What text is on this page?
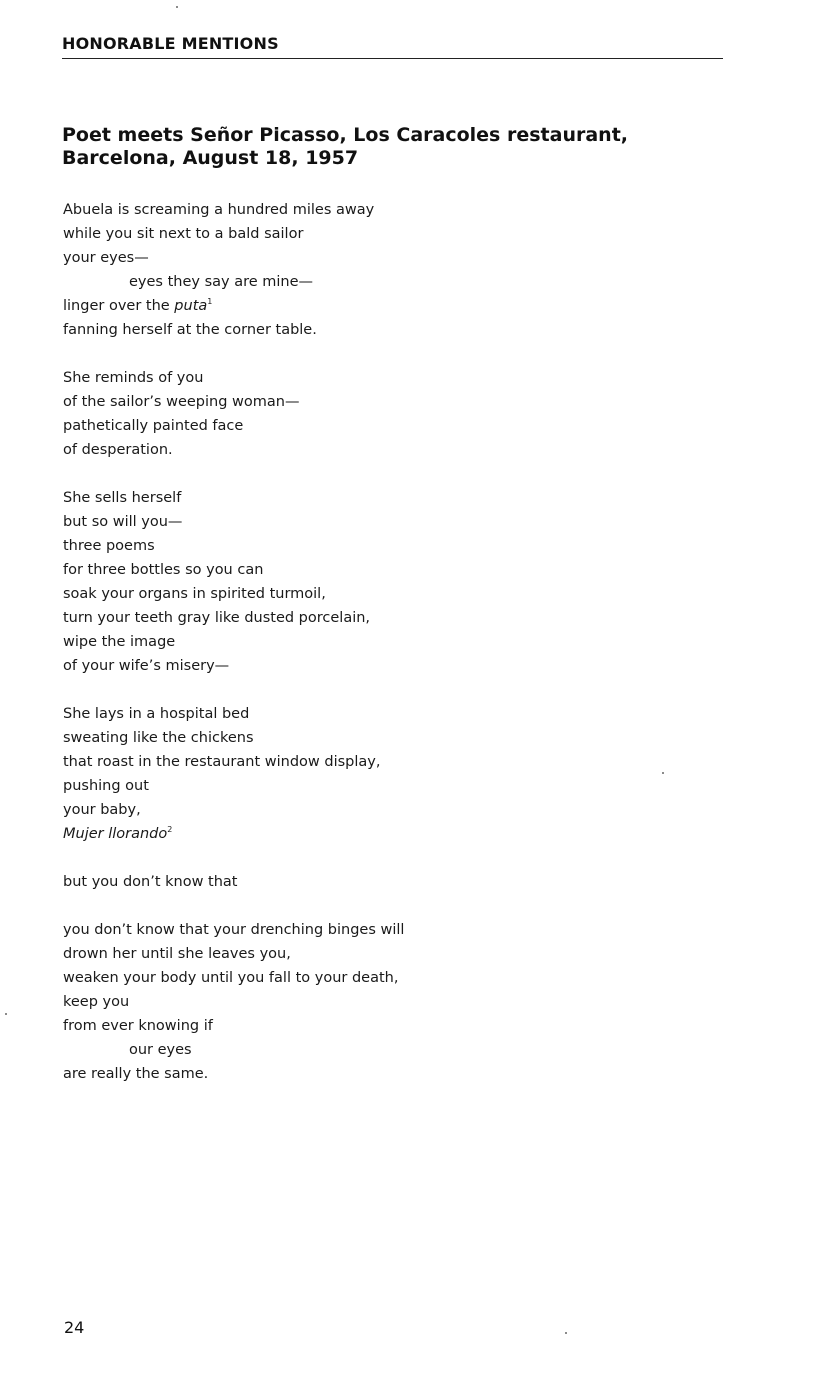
HONORABLE MENTIONS
Poet meets Señor Picasso, Los Caracoles restaurant, Barcelona, August 18, 1957
Abuela is screaming a hundred miles away
while you sit next to a bald sailor
your eyes—
eyes they say are mine—
linger over the puta$^1$
fanning herself at the corner table.
She reminds of you
of the sailor’s weeping woman—
pathetically painted face
of desperation.
She sells herself
but so will you—
three poems
for three bottles so you can
soak your organs in spirited turmoil,
turn your teeth gray like dusted porcelain,
wipe the image
of your wife’s misery—
She lays in a hospital bed
sweating like the chickens
that roast in the restaurant window display,
pushing out
your baby,
Mujer llorando$^2$
but you don’t know that
you don’t know that your drenching binges will
drown her until she leaves you,
weaken your body until you fall to your death,
keep you
from ever knowing if
our eyes
are really the same.
24
